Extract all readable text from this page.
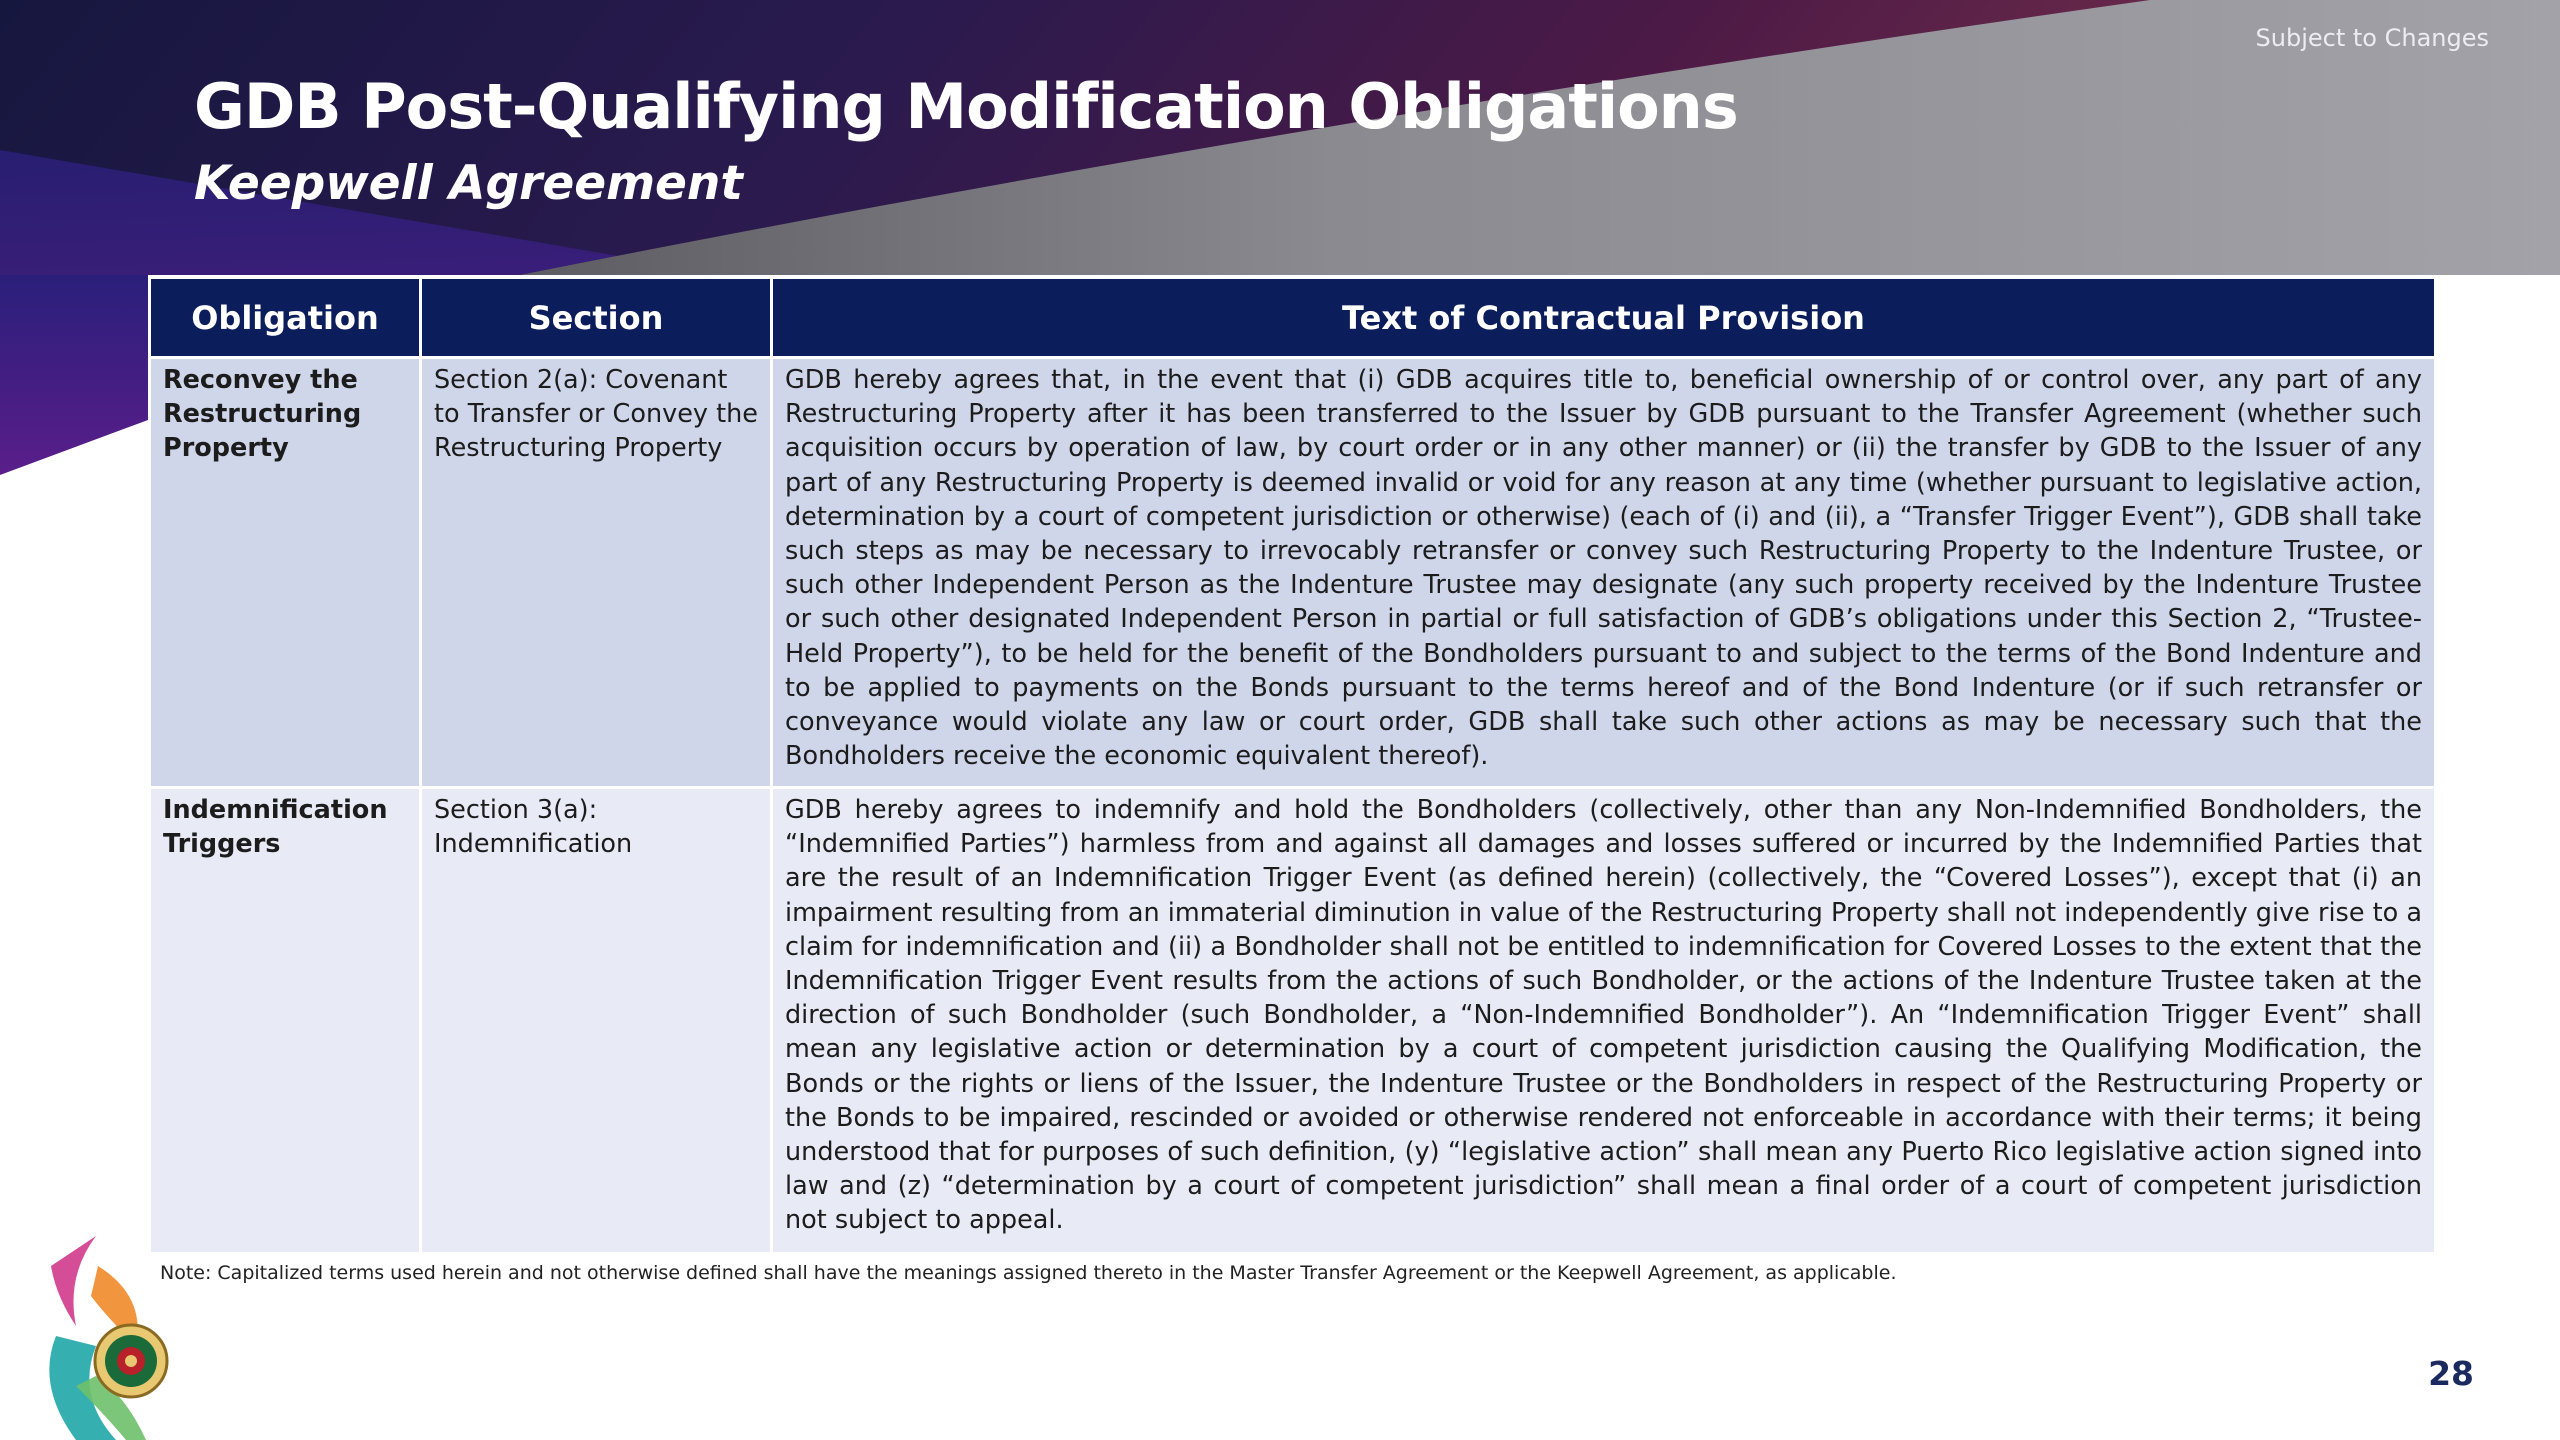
Subject to Changes
GDB Post-Qualifying Modification Obligations
Keepwell Agreement
Obligation	Section	Text of Contractual Provision
Reconvey the Restructuring Property	Section 2(a): Covenant to Transfer or Convey the Restructuring Property	GDB hereby agrees that, in the event that (i) GDB acquires title to, beneficial ownership of or control over, any part of any Restructuring Property after it has been transferred to the Issuer by GDB pursuant to the Transfer Agreement (whether such acquisition occurs by operation of law, by court order or in any other manner) or (ii) the transfer by GDB to the Issuer of any part of any Restructuring Property is deemed invalid or void for any reason at any time (whether pursuant to legislative action, determination by a court of competent jurisdiction or otherwise) (each of (i) and (ii), a “Transfer Trigger Event”), GDB shall take such steps as may be necessary to irrevocably retransfer or convey such Restructuring Property to the Indenture Trustee, or such other Independent Person as the Indenture Trustee may designate (any such property received by the Indenture Trustee or such other designated Independent Person in partial or full satisfaction of GDB’s obligations under this Section 2, “Trustee-Held Property”), to be held for the benefit of the Bondholders pursuant to and subject to the terms of the Bond Indenture and to be applied to payments on the Bonds pursuant to the terms hereof and of the Bond Indenture (or if such retransfer or conveyance would violate any law or court order, GDB shall take such other actions as may be necessary such that the Bondholders receive the economic equivalent thereof).
Indemnification Triggers	Section 3(a): Indemnification	GDB hereby agrees to indemnify and hold the Bondholders (collectively, other than any Non-Indemnified Bondholders, the “Indemnified Parties”) harmless from and against all damages and losses suffered or incurred by the Indemnified Parties that are the result of an Indemnification Trigger Event (as defined herein) (collectively, the “Covered Losses”), except that (i) an impairment resulting from an immaterial diminution in value of the Restructuring Property shall not independently give rise to a claim for indemnification and (ii) a Bondholder shall not be entitled to indemnification for Covered Losses to the extent that the Indemnification Trigger Event results from the actions of such Bondholder, or the actions of the Indenture Trustee taken at the direction of such Bondholder (such Bondholder, a “Non-Indemnified Bondholder”). An “Indemnification Trigger Event” shall mean any legislative action or determination by a court of competent jurisdiction causing the Qualifying Modification, the Bonds or the rights or liens of the Issuer, the Indenture Trustee or the Bondholders in respect of the Restructuring Property or the Bonds to be impaired, rescinded or avoided or otherwise rendered not enforceable in accordance with their terms; it being understood that for purposes of such definition, (y) “legislative action” shall mean any Puerto Rico legislative action signed into law and (z) “determination by a court of competent jurisdiction” shall mean a final order of a court of competent jurisdiction not subject to appeal.
Note: Capitalized terms used herein and not otherwise defined shall have the meanings assigned thereto in the Master Transfer Agreement or the Keepwell Agreement, as applicable.
28
